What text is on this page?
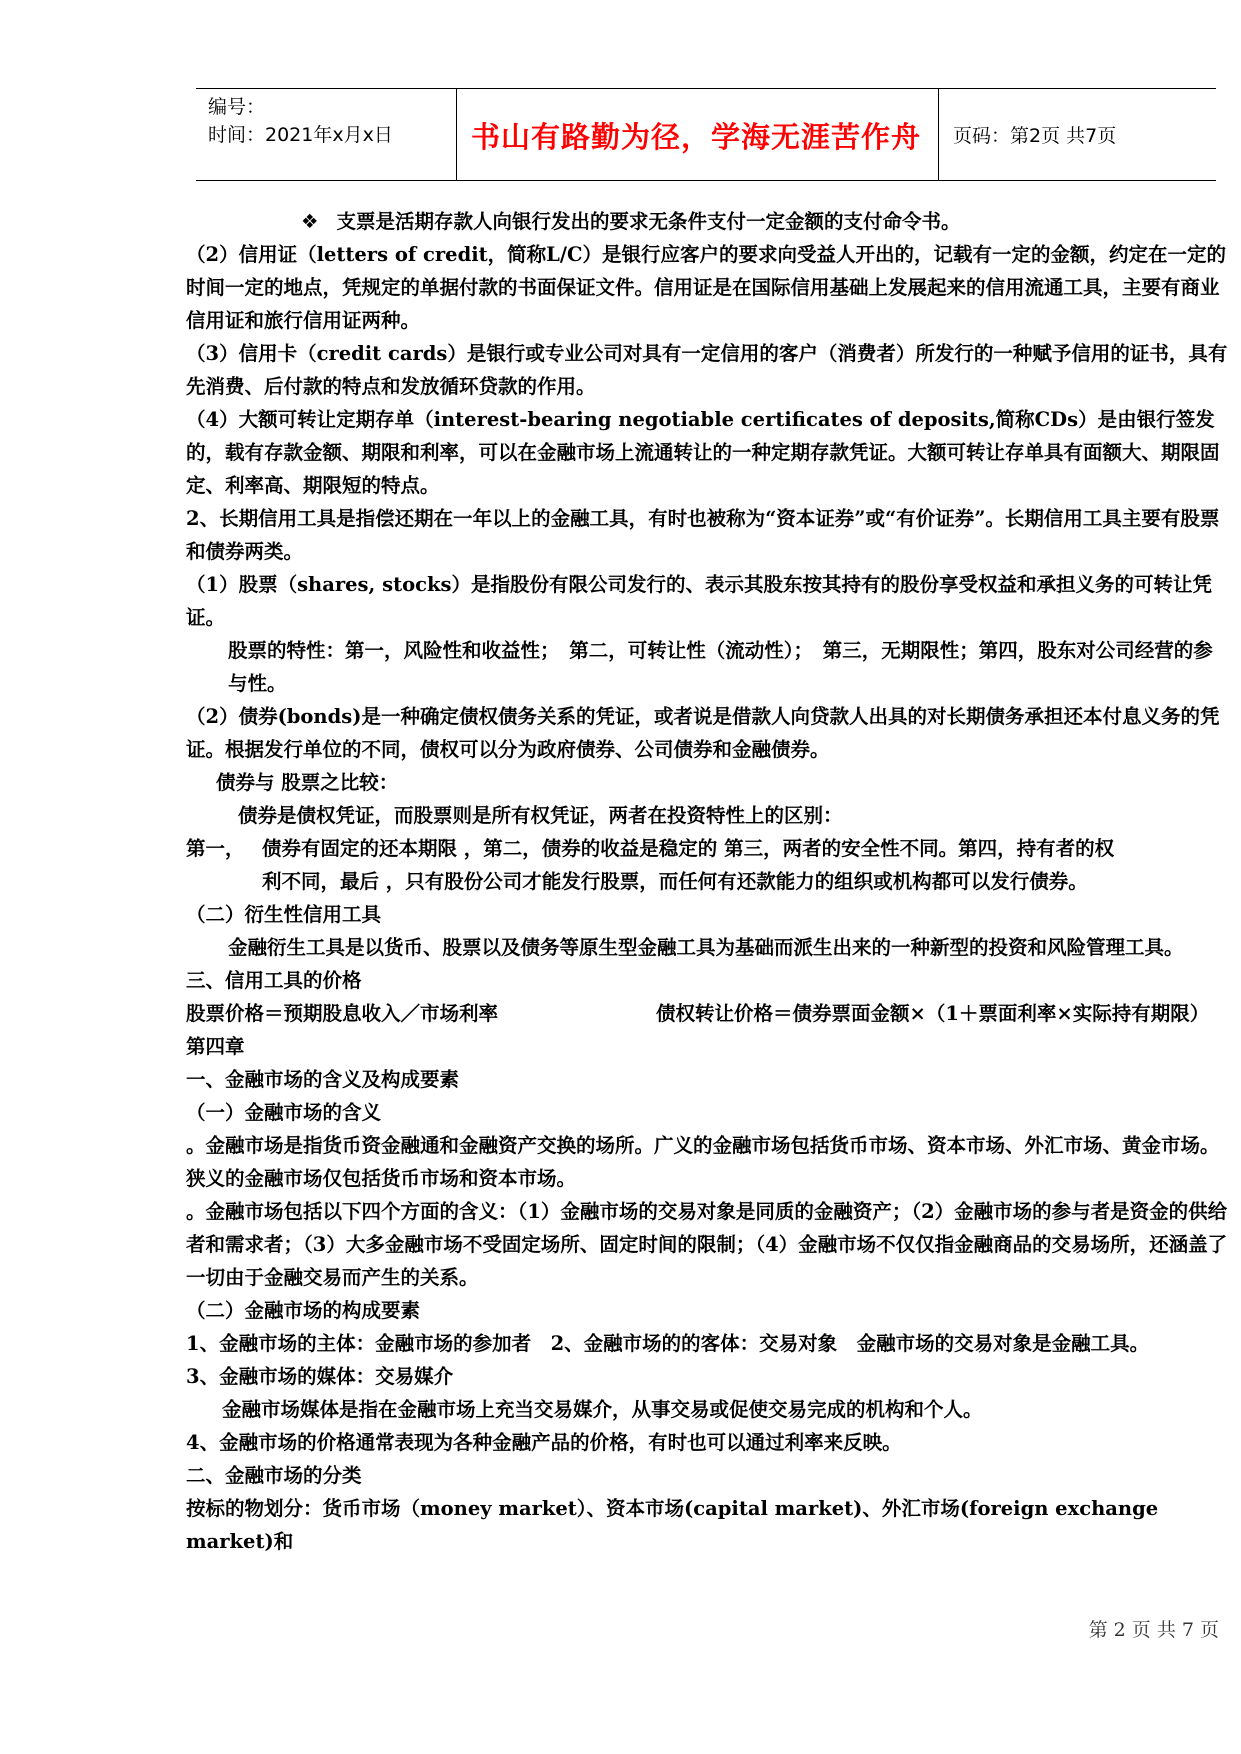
编号：
时间：2021年x月x日	书山有路勤为径，学海无涯苦作舟	页码：第2页 共7页

❖ 支票是活期存款人向银行发出的要求无条件支付一定金额的支付命令书。

（2）信用证（letters of credit，简称L/C）是银行应客户的要求向受益人开出的，记载有一定的金额，约定在一定的时间一定的地点，凭规定的单据付款的书面保证文件。信用证是在国际信用基础上发展起来的信用流通工具，主要有商业信用证和旅行信用证两种。

（3）信用卡（credit cards）是银行或专业公司对具有一定信用的客户（消费者）所发行的一种赋予信用的证书，具有先消费、后付款的特点和发放循环贷款的作用。

（4）大额可转让定期存单（interest-bearing negotiable certificates of deposits,简称CDs）是由银行签发的，载有存款金额、期限和利率，可以在金融市场上流通转让的一种定期存款凭证。大额可转让存单具有面额大、期限固定、利率高、期限短的特点。

2、长期信用工具是指偿还期在一年以上的金融工具，有时也被称为“资本证券”或“有价证券”。长期信用工具主要有股票和债券两类。

（1）股票（shares, stocks）是指股份有限公司发行的、表示其股东按其持有的股份享受权益和承担义务的可转让凭证。

股票的特性：第一，风险性和收益性；　第二，可转让性（流动性）；　第三，无期限性；第四，股东对公司经营的参与性。

（2）债券(bonds)是一种确定债权债务关系的凭证，或者说是借款人向贷款人出具的对长期债务承担还本付息义务的凭证。根据发行单位的不同，债权可以分为政府债券、公司债券和金融债券。

债券与 股票之比较：

债券是债权凭证，而股票则是所有权凭证，两者在投资特性上的区别：

第一， 债券有固定的还本期限 ，第二，债券的收益是稳定的 第三，两者的安全性不同。第四，持有者的权
利不同，最后 ，只有股份公司才能发行股票，而任何有还款能力的组织或机构都可以发行债券。

（二）衍生性信用工具

金融衍生工具是以货币、股票以及债务等原生型金融工具为基础而派生出来的一种新型的投资和风险管理工具。

三、信用工具的价格

股票价格＝预期股息收入／市场利率	债权转让价格＝债券票面金额×（1＋票面利率×实际持有期限）

第四章

一、金融市场的含义及构成要素

（一）金融市场的含义

。金融市场是指货币资金融通和金融资产交换的场所。广义的金融市场包括货币市场、资本市场、外汇市场、黄金市场。狭义的金融市场仅包括货币市场和资本市场。

。金融市场包括以下四个方面的含义：（1）金融市场的交易对象是同质的金融资产；（2）金融市场的参与者是资金的供给者和需求者；（3）大多金融市场不受固定场所、固定时间的限制；（4）金融市场不仅仅指金融商品的交易场所，还涵盖了一切由于金融交易而产生的关系。

（二）金融市场的构成要素

1、金融市场的主体：金融市场的参加者　2、金融市场的的客体：交易对象　金融市场的交易对象是金融工具。

3、金融市场的媒体：交易媒介

金融市场媒体是指在金融市场上充当交易媒介，从事交易或促使交易完成的机构和个人。

4、金融市场的价格通常表现为各种金融产品的价格，有时也可以通过利率来反映。

二、金融市场的分类

按标的物划分：货币市场（money market）、资本市场(capital market)、外汇市场(foreign exchange market)和

第 2 页 共 7 页
